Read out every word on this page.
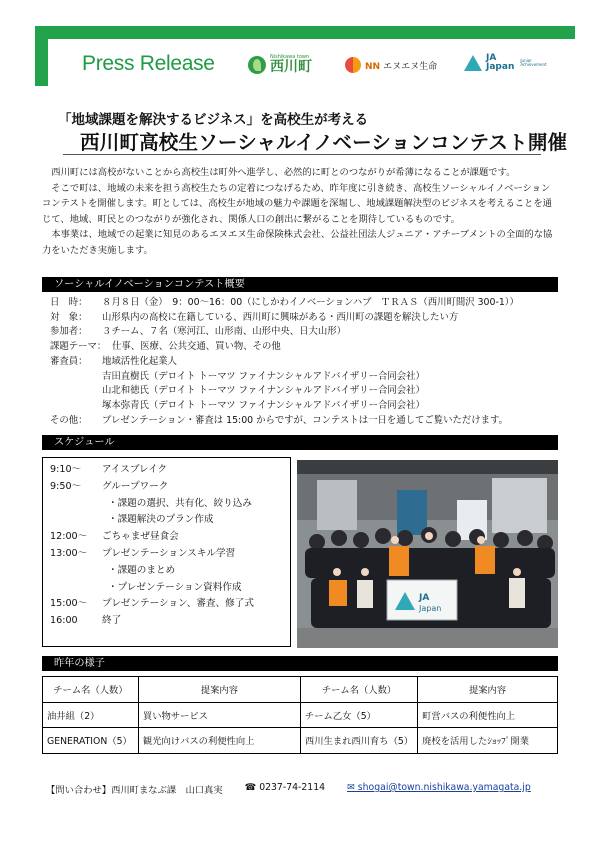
Press Release	Nishikawa town
西川町	NN エヌエヌ生命
JA
Japan
Junior Achievement
「地域課題を解決するビジネス」を高校生が考える
西川町高校生ソーシャルイノベーションコンテスト開催

西川町には高校がないことから高校生は町外へ進学し、必然的に町とのつながりが希薄になることが課題です。

そこで町は、地域の未来を担う高校生たちの定着につなげるため、昨年度に引き続き、高校生ソーシャルイノベーションコンテストを開催します。町としては、高校生が地域の魅力や課題を深堀し、地域課題解決型のビジネスを考えることを通じて、地域、町民とのつながりが強化され、関係人口の創出に繋がることを期待しているものです。

本事業は、地域での起業に知見のあるエヌエヌ生命保険株式会社、公益社団法人ジュニア・アチーブメントの全面的な協力をいただき実施します。

ソーシャルイノベーションコンテスト概要
日　時：	８月８日（金）　9：00〜16：00（にしかわイノベーションハブ　ＴＲＡＳ（西川町間沢 300-1））
対　象：	山形県内の高校に在籍している、西川町に興味がある・西川町の課題を解決したい方
参加者：	３チーム、７名（寒河江、山形南、山形中央、日大山形）
課題テーマ： 仕事、医療、公共交通、買い物、その他
審査員：	地域活性化起業人
吉田直樹氏（デロイト トーマツ ファイナンシャルアドバイザリー合同会社）
山北和徳氏（デロイト トーマツ ファイナンシャルアドバイザリー合同会社）
塚本弥青氏（デロイト トーマツ ファイナンシャルアドバイザリー合同会社）
その他：	プレゼンテーション・審査は 15:00 からですが、コンテストは一日を通してご覧いただけます。
スケジュール
9:10〜	アイスブレイク
9:50〜	グループワーク
・課題の選択、共有化、絞り込み
・課題解決のプラン作成
12:00〜	ごちゃまぜ昼食会
13:00〜	プレゼンテーションスキル学習
・課題のまとめ
・プレゼンテーション資料作成
15:00〜	プレゼンテーション、審査、修了式
16:00	終了
JA
Japan
昨年の様子
チーム名（人数）	提案内容	チーム名（人数）	提案内容
油井組（2）	買い物サービス	チーム乙女（5）	町営バスの利便性向上
GENERATION（5）	観光向けバスの利便性向上	西川生まれ西川育ち（5）	廃校を活用したｼｮｯﾌﾟ開業
【問い合わせ】西川町まなぶ課　山口真実 ☎ 0237-74-2114 ✉ shogai@town.nishikawa.yamagata.jp
